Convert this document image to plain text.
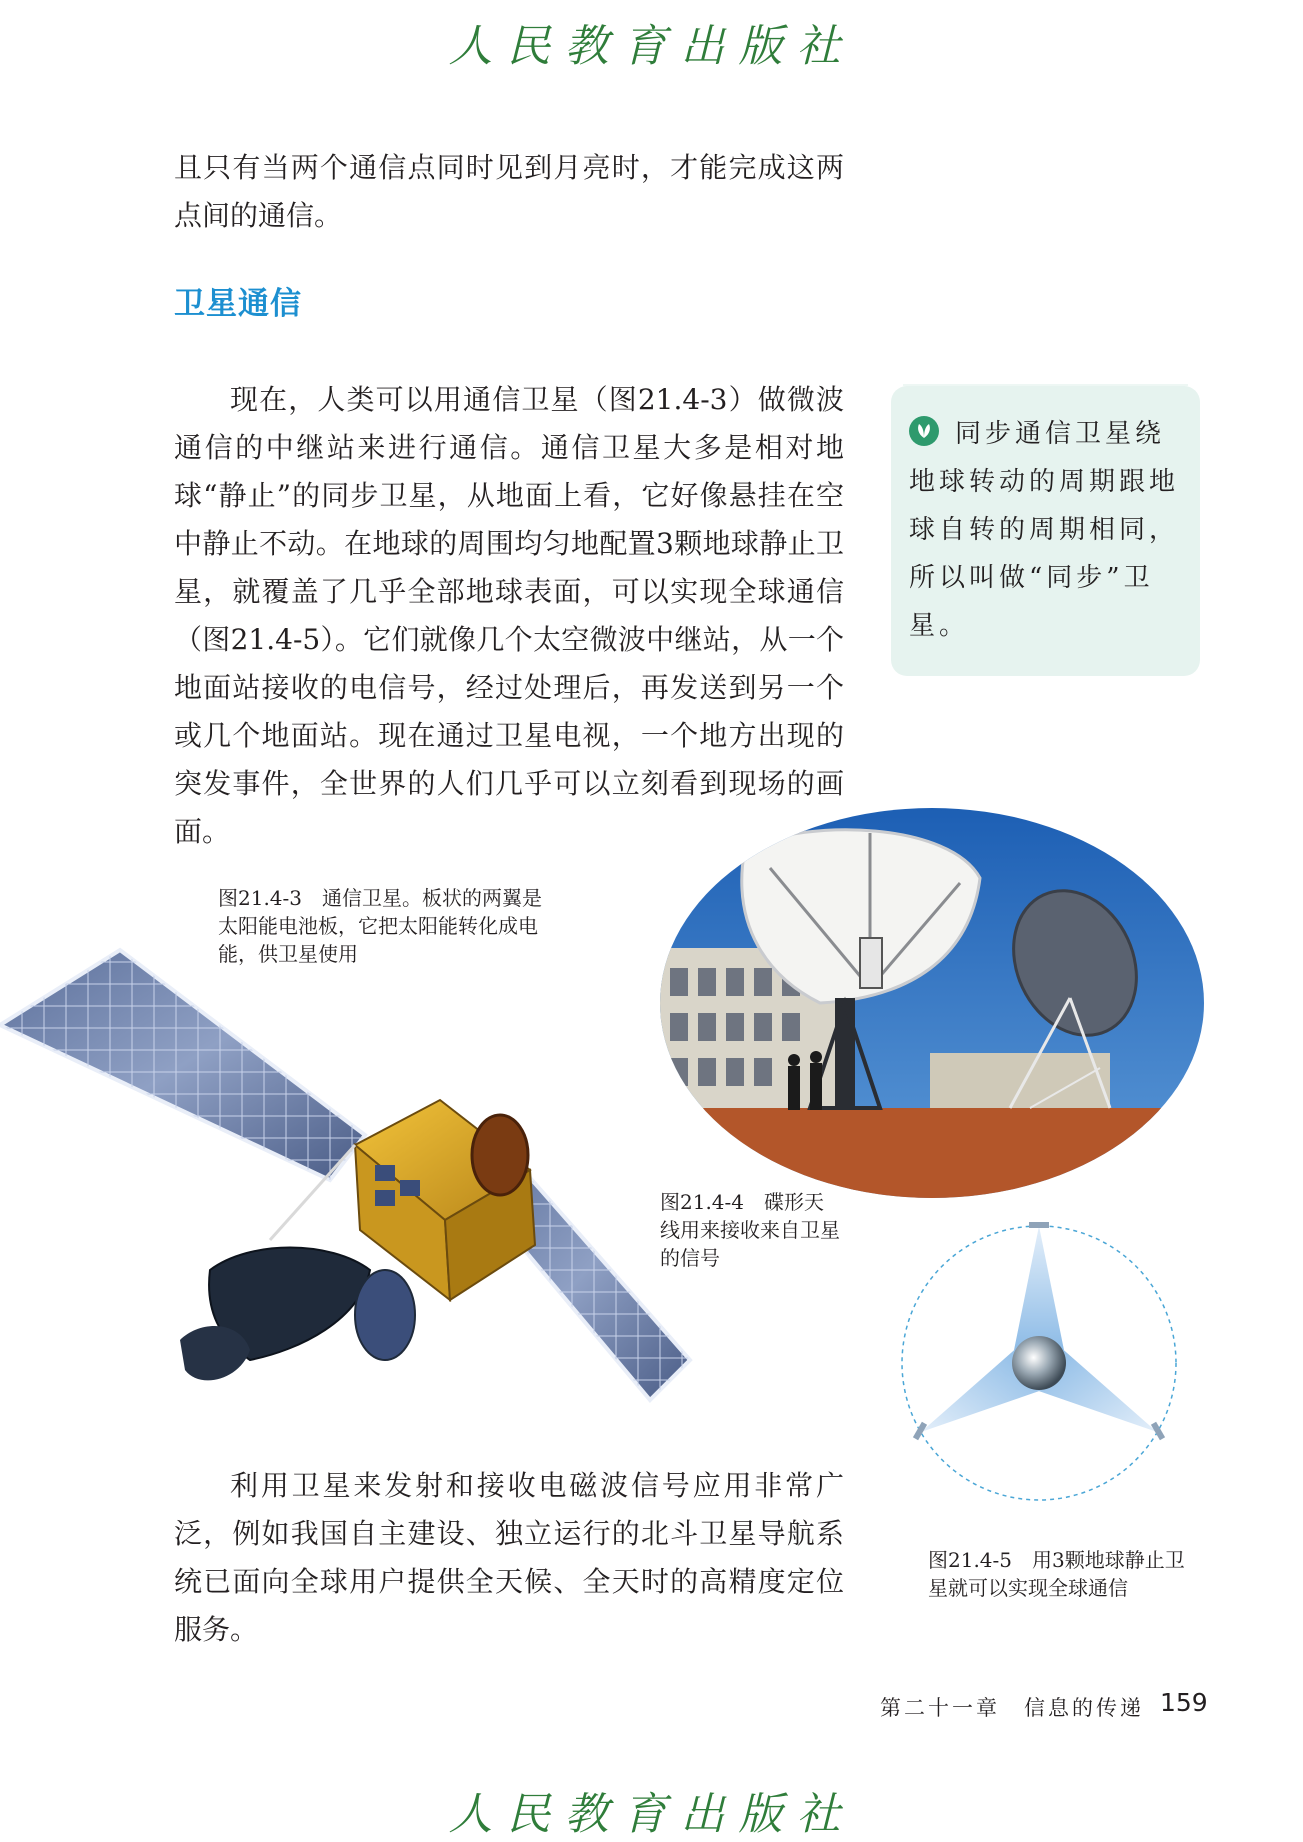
人民教育出版社

且只有当两个通信点同时见到月亮时，才能完成这两点间的通信。

卫星通信

现在，人类可以用通信卫星（图21.4-3）做微波通信的中继站来进行通信。通信卫星大多是相对地球“静止”的同步卫星，从地面上看，它好像悬挂在空中静止不动。在地球的周围均匀地配置3颗地球静止卫星，就覆盖了几乎全部地球表面，可以实现全球通信（图21.4-5）。它们就像几个太空微波中继站，从一个地面站接收的电信号，经过处理后，再发送到另一个或几个地面站。现在通过卫星电视，一个地方出现的突发事件，全世界的人们几乎可以立刻看到现场的画面。

同步通信卫星绕地球转动的周期跟地球自转的周期相同，所以叫做“同步”卫星。

图21.4-3　通信卫星。板状的两翼是太阳能电池板，它把太阳能转化成电能，供卫星使用

图21.4-4　碟形天线用来接收来自卫星的信号

利用卫星来发射和接收电磁波信号应用非常广泛，例如我国自主建设、独立运行的北斗卫星导航系统已面向全球用户提供全天候、全天时的高精度定位服务。

图21.4-5　用3颗地球静止卫星就可以实现全球通信

第二十一章　信息的传递 159

人民教育出版社
